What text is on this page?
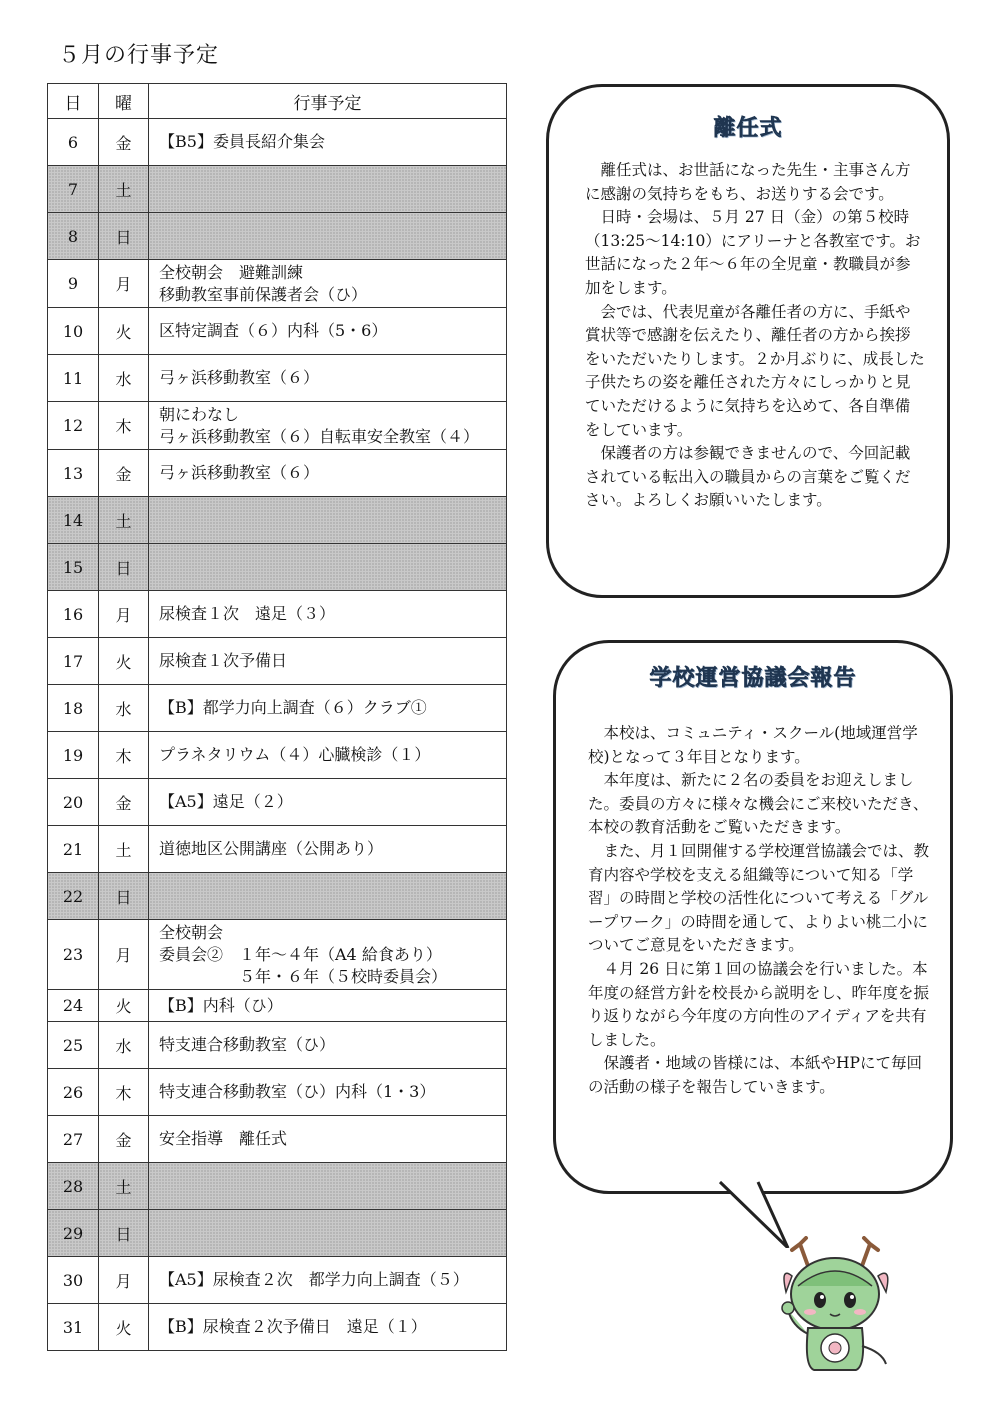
５月の行事予定
日	曜	行事予定
6	金	【B5】委員長紹介集会

7	土	
8	日	
9	月	全校朝会　避難訓練
移動教室事前保護者会（ひ）

10	火	区特定調査（６）内科（5・6）

11	水	弓ヶ浜移動教室（６）

12	木	朝にわなし
弓ヶ浜移動教室（６）自転車安全教室（４）

13	金	弓ヶ浜移動教室（６）

14	土	
15	日	
16	月	尿検査１次　遠足（３）

17	火	尿検査１次予備日

18	水	【B】都学力向上調査（６）クラブ①

19	木	プラネタリウム（４）心臓検診（１）

20	金	【A5】遠足（２）

21	土	道徳地区公開講座（公開あり）

22	日	
23	月	全校朝会
委員会②　１年～４年（A4 給食あり）
　　　　　５年・６年（５校時委員会）

24	火	【B】内科（ひ）

25	水	特支連合移動教室（ひ）

26	木	特支連合移動教室（ひ）内科（1・3）

27	金	安全指導　離任式

28	土	
29	日	
30	月	【A5】尿検査２次　都学力向上調査（５）

31	火	【B】尿検査２次予備日　遠足（１）
離任式

離任式は、お世話になった先生・主事さん方に感謝の気持ちをもち、お送りする会です。

日時・会場は、５月 27 日（金）の第５校時（13:25～14:10）にアリーナと各教室です。お世話になった２年～６年の全児童・教職員が参加をします。

会では、代表児童が各離任者の方に、手紙や賞状等で感謝を伝えたり、離任者の方から挨拶をいただいたりします。２か月ぶりに、成長した子供たちの姿を離任された方々にしっかりと見ていただけるように気持ちを込めて、各自準備をしています。

保護者の方は参観できませんので、今回記載されている転出入の職員からの言葉をご覧ください。よろしくお願いいたします。

学校運営協議会報告

本校は、コミュニティ・スクール(地域運営学校)となって３年目となります。

本年度は、新たに２名の委員をお迎えしました。委員の方々に様々な機会にご来校いただき、本校の教育活動をご覧いただきます。

また、月１回開催する学校運営協議会では、教育内容や学校を支える組織等について知る「学習」の時間と学校の活性化について考える「グループワーク」の時間を通して、よりよい桃二小についてご意見をいただきます。

４月 26 日に第１回の協議会を行いました。本年度の経営方針を校長から説明をし、昨年度を振り返りながら今年度の方向性のアイディアを共有しました。

保護者・地域の皆様には、本紙やHPにて毎回の活動の様子を報告していきます。
